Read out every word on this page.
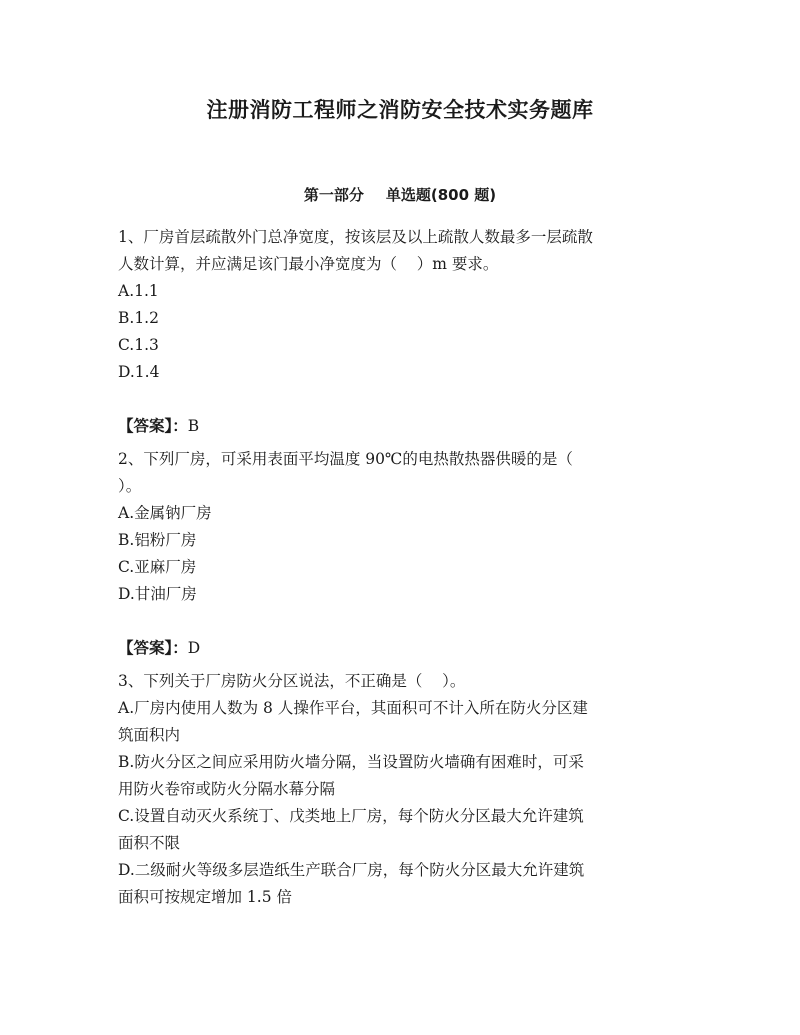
注册消防工程师之消防安全技术实务题库
第一部分 单选题(800 题)
1、厂房首层疏散外门总净宽度，按该层及以上疏散人数最多一层疏散
人数计算，并应满足该门最小净宽度为（    ）m 要求。
A.1.1
B.1.2
C.1.3
D.1.4
【答案】：B
2、下列厂房，可采用表面平均温度 90℃的电热散热器供暖的是（
）。
A.金属钠厂房
B.铝粉厂房
C.亚麻厂房
D.甘油厂房
【答案】：D
3、下列关于厂房防火分区说法，不正确是（    ）。
A.厂房内使用人数为 8 人操作平台，其面积可不计入所在防火分区建
筑面积内
B.防火分区之间应采用防火墙分隔，当设置防火墙确有困难时，可采
用防火卷帘或防火分隔水幕分隔
C.设置自动灭火系统丁、戊类地上厂房，每个防火分区最大允许建筑
面积不限
D.二级耐火等级多层造纸生产联合厂房，每个防火分区最大允许建筑
面积可按规定增加 1.5 倍
